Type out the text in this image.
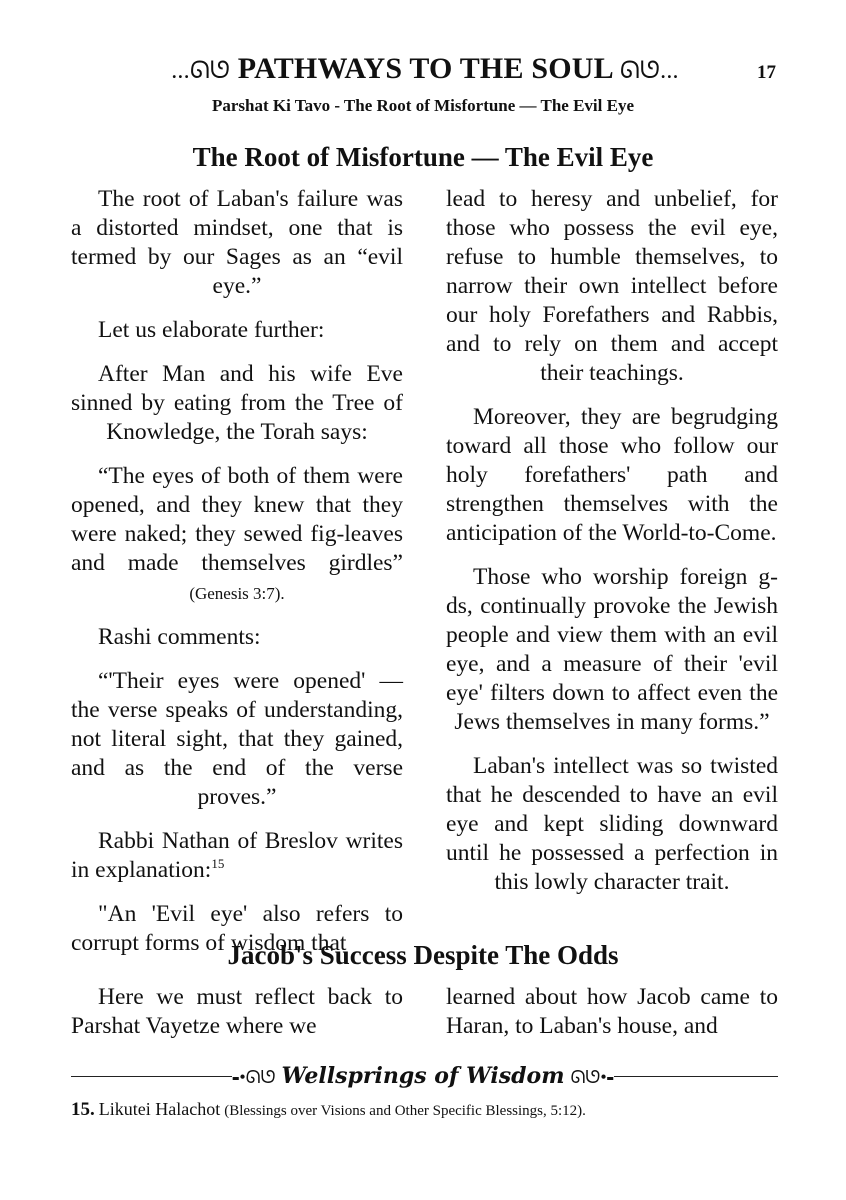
...ᘏᘎ PATHWAYS TO THE SOUL ᘏᘎ...	17
Parshat Ki Tavo - The Root of Misfortune — The Evil Eye
The Root of Misfortune — The Evil Eye

The root of Laban's failure was a distorted mindset, one that is termed by our Sages as an “evil eye.”

Let us elaborate further:

After Man and his wife Eve sinned by eating from the Tree of Knowledge, the Torah says:

“The eyes of both of them were opened, and they knew that they were naked; they sewed fig-leaves and made themselves girdles” (Genesis 3:7).

Rashi comments:

“'Their eyes were opened' — the verse speaks of understanding, not literal sight, that they gained, and as the end of the verse proves.”

Rabbi Nathan of Breslov writes in explanation:$^{15}$

"An 'Evil eye' also refers to corrupt forms of wisdom that

lead to heresy and unbelief, for those who possess the evil eye, refuse to humble themselves, to narrow their own intellect before our holy Forefathers and Rabbis, and to rely on them and accept their teachings.

Moreover, they are begrudging toward all those who follow our holy forefathers' path and strengthen themselves with the anticipation of the World-to-Come.

Those who worship foreign g-ds, continually provoke the Jewish people and view them with an evil eye, and a measure of their 'evil eye' filters down to affect even the Jews themselves in many forms.”

Laban's intellect was so twisted that he descended to have an evil eye and kept sliding downward until he possessed a perfection in this lowly character trait.

Jacob's Success Despite The Odds

Here we must reflect back to Parshat Vayetze where we

learned about how Jacob came to Haran, to Laban's house, and

⁃•ᘏᘎ Wellsprings of Wisdom ᘏᘎ•⁃
15. Likutei Halachot (Blessings over Visions and Other Specific Blessings, 5:12).
